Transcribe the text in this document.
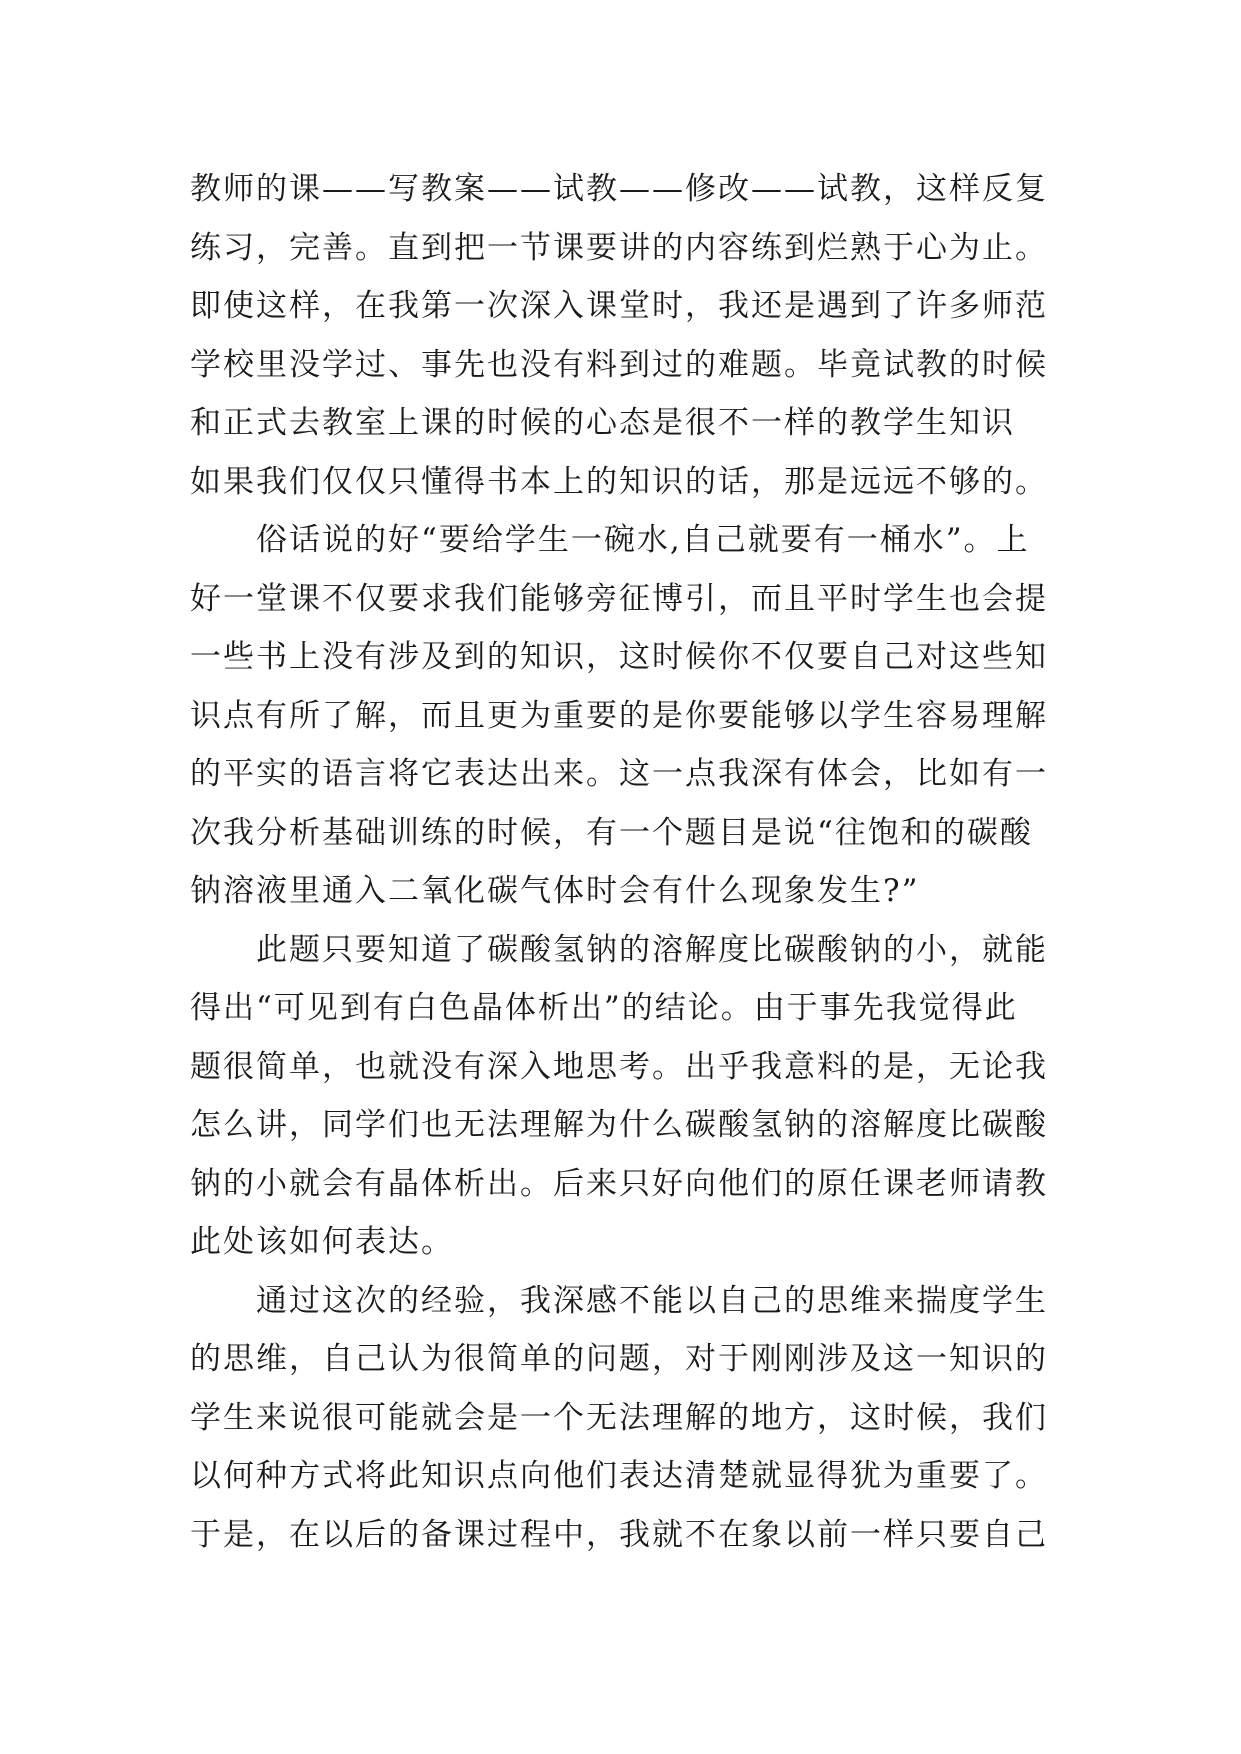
教师的课——写教案——试教——修改——试教，这样反复
练习，完善。直到把一节课要讲的内容练到烂熟于心为止。
即使这样，在我第一次深入课堂时，我还是遇到了许多师范
学校里没学过、事先也没有料到过的难题。毕竟试教的时候
和正式去教室上课的时候的心态是很不一样的教学生知识
如果我们仅仅只懂得书本上的知识的话，那是远远不够的。
俗话说的好“要给学生一碗水,自己就要有一桶水”。上
好一堂课不仅要求我们能够旁征博引，而且平时学生也会提
一些书上没有涉及到的知识，这时候你不仅要自己对这些知
识点有所了解，而且更为重要的是你要能够以学生容易理解
的平实的语言将它表达出来。这一点我深有体会，比如有一
次我分析基础训练的时候，有一个题目是说“往饱和的碳酸
钠溶液里通入二氧化碳气体时会有什么现象发生?”
此题只要知道了碳酸氢钠的溶解度比碳酸钠的小，就能
得出“可见到有白色晶体析出”的结论。由于事先我觉得此
题很简单，也就没有深入地思考。出乎我意料的是，无论我
怎么讲，同学们也无法理解为什么碳酸氢钠的溶解度比碳酸
钠的小就会有晶体析出。后来只好向他们的原任课老师请教
此处该如何表达。
通过这次的经验，我深感不能以自己的思维来揣度学生
的思维，自己认为很简单的问题，对于刚刚涉及这一知识的
学生来说很可能就会是一个无法理解的地方，这时候，我们
以何种方式将此知识点向他们表达清楚就显得犹为重要了。
于是，在以后的备课过程中，我就不在象以前一样只要自己
